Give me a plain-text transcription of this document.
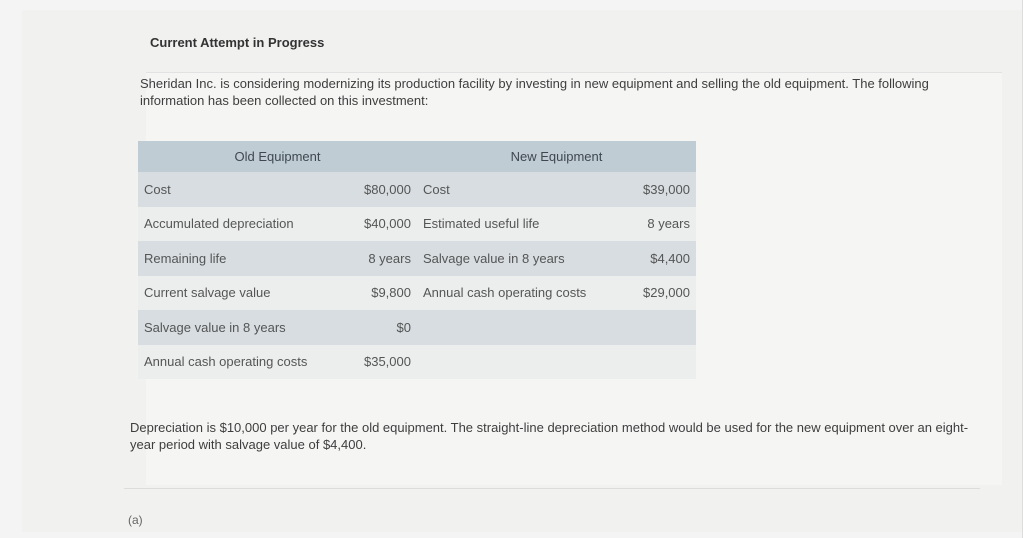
Current Attempt in Progress
Sheridan Inc. is considering modernizing its production facility by investing in new equipment and selling the old equipment. The following information has been collected on this investment:
Old Equipment		New Equipment	
Cost	$80,000	Cost	$39,000
Accumulated depreciation	$40,000	Estimated useful life	8 years
Remaining life	8 years	Salvage value in 8 years	$4,400
Current salvage value	$9,800	Annual cash operating costs	$29,000
Salvage value in 8 years	$0		
Annual cash operating costs	$35,000		
Depreciation is $10,000 per year for the old equipment. The straight-line depreciation method would be used for the new equipment over an eight-year period with salvage value of $4,400.
(a)
